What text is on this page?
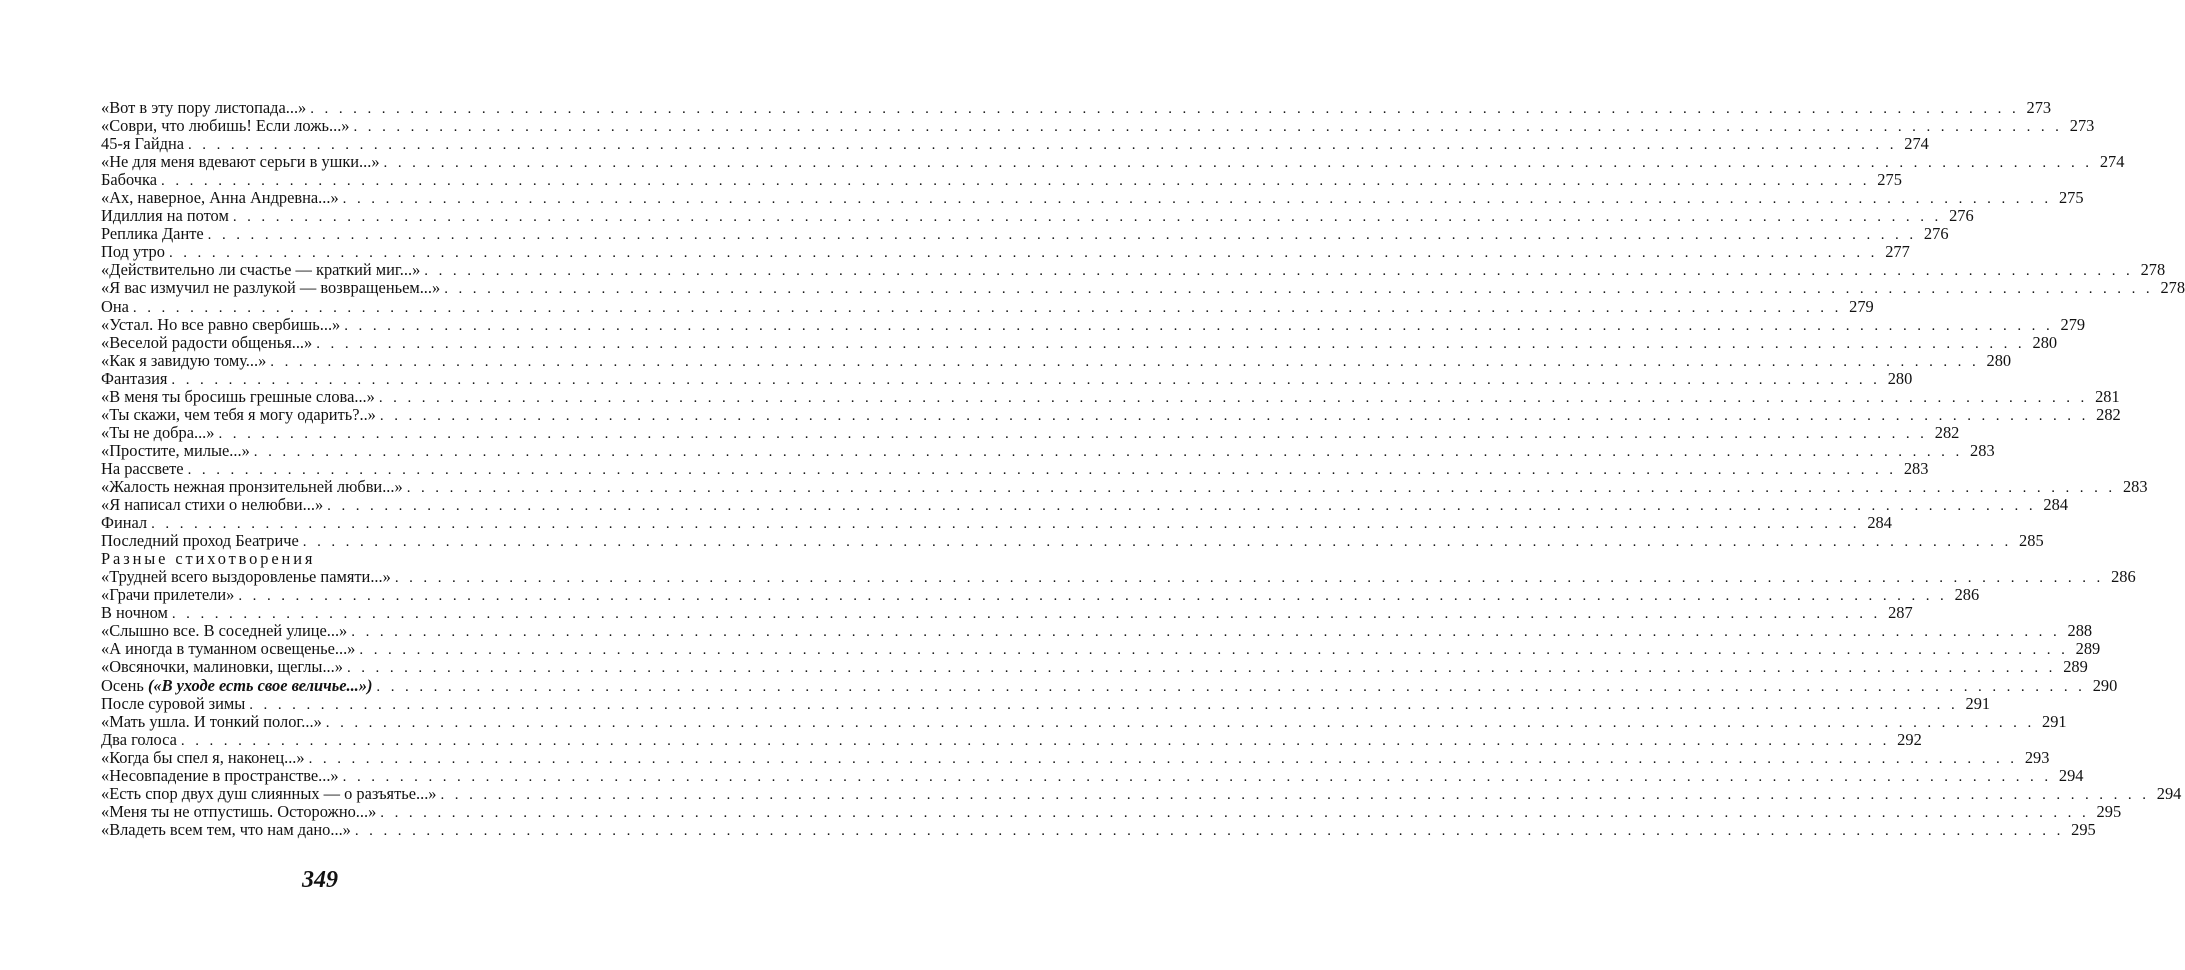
«Вот в эту пору листопада...» . . . . . . . . . . . . . . . . . . . . . . . . . . . . . . . . . . . . . . . . . . . . . . . . . . . . . . . . . . . . . . . . . . . . . . . . . . . . . . . . . . . . . . . . . . . . . . . . . . . . . . . . . . . . . . . . . . . . . . . . 273
«Соври, что любишь! Если ложь...» . . . . . . . . . . . . . . . . . . . . . . . . . . . . . . . . . . . . . . . . . . . . . . . . . . . . . . . . . . . . . . . . . . . . . . . . . . . . . . . . . . . . . . . . . . . . . . . . . . . . . . . . . . . . . . . . . . . . . . . . 273
45-я Гайдна . . . . . . . . . . . . . . . . . . . . . . . . . . . . . . . . . . . . . . . . . . . . . . . . . . . . . . . . . . . . . . . . . . . . . . . . . . . . . . . . . . . . . . . . . . . . . . . . . . . . . . . . . . . . . . . . . . . . . . . . 274
«Не для меня вдевают серьги в ушки...» . . . . . . . . . . . . . . . . . . . . . . . . . . . . . . . . . . . . . . . . . . . . . . . . . . . . . . . . . . . . . . . . . . . . . . . . . . . . . . . . . . . . . . . . . . . . . . . . . . . . . . . . . . . . . . . . . . . . . . . . 274
Бабочка . . . . . . . . . . . . . . . . . . . . . . . . . . . . . . . . . . . . . . . . . . . . . . . . . . . . . . . . . . . . . . . . . . . . . . . . . . . . . . . . . . . . . . . . . . . . . . . . . . . . . . . . . . . . . . . . . . . . . . . . 275
«Ах, наверное, Анна Андревна...» . . . . . . . . . . . . . . . . . . . . . . . . . . . . . . . . . . . . . . . . . . . . . . . . . . . . . . . . . . . . . . . . . . . . . . . . . . . . . . . . . . . . . . . . . . . . . . . . . . . . . . . . . . . . . . . . . . . . . . . . 275
Идиллия на потом . . . . . . . . . . . . . . . . . . . . . . . . . . . . . . . . . . . . . . . . . . . . . . . . . . . . . . . . . . . . . . . . . . . . . . . . . . . . . . . . . . . . . . . . . . . . . . . . . . . . . . . . . . . . . . . . . . . . . . . . 276
Реплика Данте . . . . . . . . . . . . . . . . . . . . . . . . . . . . . . . . . . . . . . . . . . . . . . . . . . . . . . . . . . . . . . . . . . . . . . . . . . . . . . . . . . . . . . . . . . . . . . . . . . . . . . . . . . . . . . . . . . . . . . . . 276
Под утро . . . . . . . . . . . . . . . . . . . . . . . . . . . . . . . . . . . . . . . . . . . . . . . . . . . . . . . . . . . . . . . . . . . . . . . . . . . . . . . . . . . . . . . . . . . . . . . . . . . . . . . . . . . . . . . . . . . . . . . . 277
«Действительно ли счастье — краткий миг...» . . . . . . . . . . . . . . . . . . . . . . . . . . . . . . . . . . . . . . . . . . . . . . . . . . . . . . . . . . . . . . . . . . . . . . . . . . . . . . . . . . . . . . . . . . . . . . . . . . . . . . . . . . . . . . . . . . . . . . . . 278
«Я вас измучил не разлукой — возвращеньем...» . . . . . . . . . . . . . . . . . . . . . . . . . . . . . . . . . . . . . . . . . . . . . . . . . . . . . . . . . . . . . . . . . . . . . . . . . . . . . . . . . . . . . . . . . . . . . . . . . . . . . . . . . . . . . . . . . . . . . . . . 278
Она . . . . . . . . . . . . . . . . . . . . . . . . . . . . . . . . . . . . . . . . . . . . . . . . . . . . . . . . . . . . . . . . . . . . . . . . . . . . . . . . . . . . . . . . . . . . . . . . . . . . . . . . . . . . . . . . . . . . . . . . 279
«Устал. Но все равно свербишь...» . . . . . . . . . . . . . . . . . . . . . . . . . . . . . . . . . . . . . . . . . . . . . . . . . . . . . . . . . . . . . . . . . . . . . . . . . . . . . . . . . . . . . . . . . . . . . . . . . . . . . . . . . . . . . . . . . . . . . . . . 279
«Веселой радости общенья...» . . . . . . . . . . . . . . . . . . . . . . . . . . . . . . . . . . . . . . . . . . . . . . . . . . . . . . . . . . . . . . . . . . . . . . . . . . . . . . . . . . . . . . . . . . . . . . . . . . . . . . . . . . . . . . . . . . . . . . . . 280
«Как я завидую тому...» . . . . . . . . . . . . . . . . . . . . . . . . . . . . . . . . . . . . . . . . . . . . . . . . . . . . . . . . . . . . . . . . . . . . . . . . . . . . . . . . . . . . . . . . . . . . . . . . . . . . . . . . . . . . . . . . . . . . . . . . 280
Фантазия . . . . . . . . . . . . . . . . . . . . . . . . . . . . . . . . . . . . . . . . . . . . . . . . . . . . . . . . . . . . . . . . . . . . . . . . . . . . . . . . . . . . . . . . . . . . . . . . . . . . . . . . . . . . . . . . . . . . . . . . 280
«В меня ты бросишь грешные слова...» . . . . . . . . . . . . . . . . . . . . . . . . . . . . . . . . . . . . . . . . . . . . . . . . . . . . . . . . . . . . . . . . . . . . . . . . . . . . . . . . . . . . . . . . . . . . . . . . . . . . . . . . . . . . . . . . . . . . . . . . 281
«Ты скажи, чем тебя я могу одарить?..» . . . . . . . . . . . . . . . . . . . . . . . . . . . . . . . . . . . . . . . . . . . . . . . . . . . . . . . . . . . . . . . . . . . . . . . . . . . . . . . . . . . . . . . . . . . . . . . . . . . . . . . . . . . . . . . . . . . . . . . . 282
«Ты не добра...» . . . . . . . . . . . . . . . . . . . . . . . . . . . . . . . . . . . . . . . . . . . . . . . . . . . . . . . . . . . . . . . . . . . . . . . . . . . . . . . . . . . . . . . . . . . . . . . . . . . . . . . . . . . . . . . . . . . . . . . . 282
«Простите, милые...» . . . . . . . . . . . . . . . . . . . . . . . . . . . . . . . . . . . . . . . . . . . . . . . . . . . . . . . . . . . . . . . . . . . . . . . . . . . . . . . . . . . . . . . . . . . . . . . . . . . . . . . . . . . . . . . . . . . . . . . . 283
На рассвете . . . . . . . . . . . . . . . . . . . . . . . . . . . . . . . . . . . . . . . . . . . . . . . . . . . . . . . . . . . . . . . . . . . . . . . . . . . . . . . . . . . . . . . . . . . . . . . . . . . . . . . . . . . . . . . . . . . . . . . . 283
«Жалость нежная пронзительней любви...» . . . . . . . . . . . . . . . . . . . . . . . . . . . . . . . . . . . . . . . . . . . . . . . . . . . . . . . . . . . . . . . . . . . . . . . . . . . . . . . . . . . . . . . . . . . . . . . . . . . . . . . . . . . . . . . . . . . . . . . . 283
«Я написал стихи о нелюбви...» . . . . . . . . . . . . . . . . . . . . . . . . . . . . . . . . . . . . . . . . . . . . . . . . . . . . . . . . . . . . . . . . . . . . . . . . . . . . . . . . . . . . . . . . . . . . . . . . . . . . . . . . . . . . . . . . . . . . . . . . 284
Финал . . . . . . . . . . . . . . . . . . . . . . . . . . . . . . . . . . . . . . . . . . . . . . . . . . . . . . . . . . . . . . . . . . . . . . . . . . . . . . . . . . . . . . . . . . . . . . . . . . . . . . . . . . . . . . . . . . . . . . . . 284
Последний проход Беатриче . . . . . . . . . . . . . . . . . . . . . . . . . . . . . . . . . . . . . . . . . . . . . . . . . . . . . . . . . . . . . . . . . . . . . . . . . . . . . . . . . . . . . . . . . . . . . . . . . . . . . . . . . . . . . . . . . . . . . . . . 285
Разные стихотворения
«Трудней всего выздоровленье памяти...» . . . . . . . . . . . . . . . . . . . . . . . . . . . . . . . . . . . . . . . . . . . . . . . . . . . . . . . . . . . . . . . . . . . . . . . . . . . . . . . . . . . . . . . . . . . . . . . . . . . . . . . . . . . . . . . . . . . . . . . . 286
«Грачи прилетели» . . . . . . . . . . . . . . . . . . . . . . . . . . . . . . . . . . . . . . . . . . . . . . . . . . . . . . . . . . . . . . . . . . . . . . . . . . . . . . . . . . . . . . . . . . . . . . . . . . . . . . . . . . . . . . . . . . . . . . . . 286
В ночном . . . . . . . . . . . . . . . . . . . . . . . . . . . . . . . . . . . . . . . . . . . . . . . . . . . . . . . . . . . . . . . . . . . . . . . . . . . . . . . . . . . . . . . . . . . . . . . . . . . . . . . . . . . . . . . . . . . . . . . . 287
«Слышно все. В соседней улице...» . . . . . . . . . . . . . . . . . . . . . . . . . . . . . . . . . . . . . . . . . . . . . . . . . . . . . . . . . . . . . . . . . . . . . . . . . . . . . . . . . . . . . . . . . . . . . . . . . . . . . . . . . . . . . . . . . . . . . . . . 288
«А иногда в туманном освещенье...» . . . . . . . . . . . . . . . . . . . . . . . . . . . . . . . . . . . . . . . . . . . . . . . . . . . . . . . . . . . . . . . . . . . . . . . . . . . . . . . . . . . . . . . . . . . . . . . . . . . . . . . . . . . . . . . . . . . . . . . . 289
«Овсяночки, малиновки, щеглы...» . . . . . . . . . . . . . . . . . . . . . . . . . . . . . . . . . . . . . . . . . . . . . . . . . . . . . . . . . . . . . . . . . . . . . . . . . . . . . . . . . . . . . . . . . . . . . . . . . . . . . . . . . . . . . . . . . . . . . . . . 289
Осень («В уходе есть свое величье...») . . . . . . . . . . . . . . . . . . . . . . . . . . . . . . . . . . . . . . . . . . . . . . . . . . . . . . . . . . . . . . . . . . . . . . . . . . . . . . . . . . . . . . . . . . . . . . . . . . . . . . . . . . . . . . . . . . . . . . . . 290
После суровой зимы . . . . . . . . . . . . . . . . . . . . . . . . . . . . . . . . . . . . . . . . . . . . . . . . . . . . . . . . . . . . . . . . . . . . . . . . . . . . . . . . . . . . . . . . . . . . . . . . . . . . . . . . . . . . . . . . . . . . . . . . 291
«Мать ушла. И тонкий полог...» . . . . . . . . . . . . . . . . . . . . . . . . . . . . . . . . . . . . . . . . . . . . . . . . . . . . . . . . . . . . . . . . . . . . . . . . . . . . . . . . . . . . . . . . . . . . . . . . . . . . . . . . . . . . . . . . . . . . . . . . 291
Два голоса . . . . . . . . . . . . . . . . . . . . . . . . . . . . . . . . . . . . . . . . . . . . . . . . . . . . . . . . . . . . . . . . . . . . . . . . . . . . . . . . . . . . . . . . . . . . . . . . . . . . . . . . . . . . . . . . . . . . . . . . 292
«Когда бы спел я, наконец...» . . . . . . . . . . . . . . . . . . . . . . . . . . . . . . . . . . . . . . . . . . . . . . . . . . . . . . . . . . . . . . . . . . . . . . . . . . . . . . . . . . . . . . . . . . . . . . . . . . . . . . . . . . . . . . . . . . . . . . . . 293
«Несовпадение в пространстве...» . . . . . . . . . . . . . . . . . . . . . . . . . . . . . . . . . . . . . . . . . . . . . . . . . . . . . . . . . . . . . . . . . . . . . . . . . . . . . . . . . . . . . . . . . . . . . . . . . . . . . . . . . . . . . . . . . . . . . . . . 294
«Есть спор двух душ слиянных — о разъятье...» . . . . . . . . . . . . . . . . . . . . . . . . . . . . . . . . . . . . . . . . . . . . . . . . . . . . . . . . . . . . . . . . . . . . . . . . . . . . . . . . . . . . . . . . . . . . . . . . . . . . . . . . . . . . . . . . . . . . . . . . 294
«Меня ты не отпустишь. Осторожно...» . . . . . . . . . . . . . . . . . . . . . . . . . . . . . . . . . . . . . . . . . . . . . . . . . . . . . . . . . . . . . . . . . . . . . . . . . . . . . . . . . . . . . . . . . . . . . . . . . . . . . . . . . . . . . . . . . . . . . . . . 295
«Владеть всем тем, что нам дано...» . . . . . . . . . . . . . . . . . . . . . . . . . . . . . . . . . . . . . . . . . . . . . . . . . . . . . . . . . . . . . . . . . . . . . . . . . . . . . . . . . . . . . . . . . . . . . . . . . . . . . . . . . . . . . . . . . . . . . . . . 295
349
